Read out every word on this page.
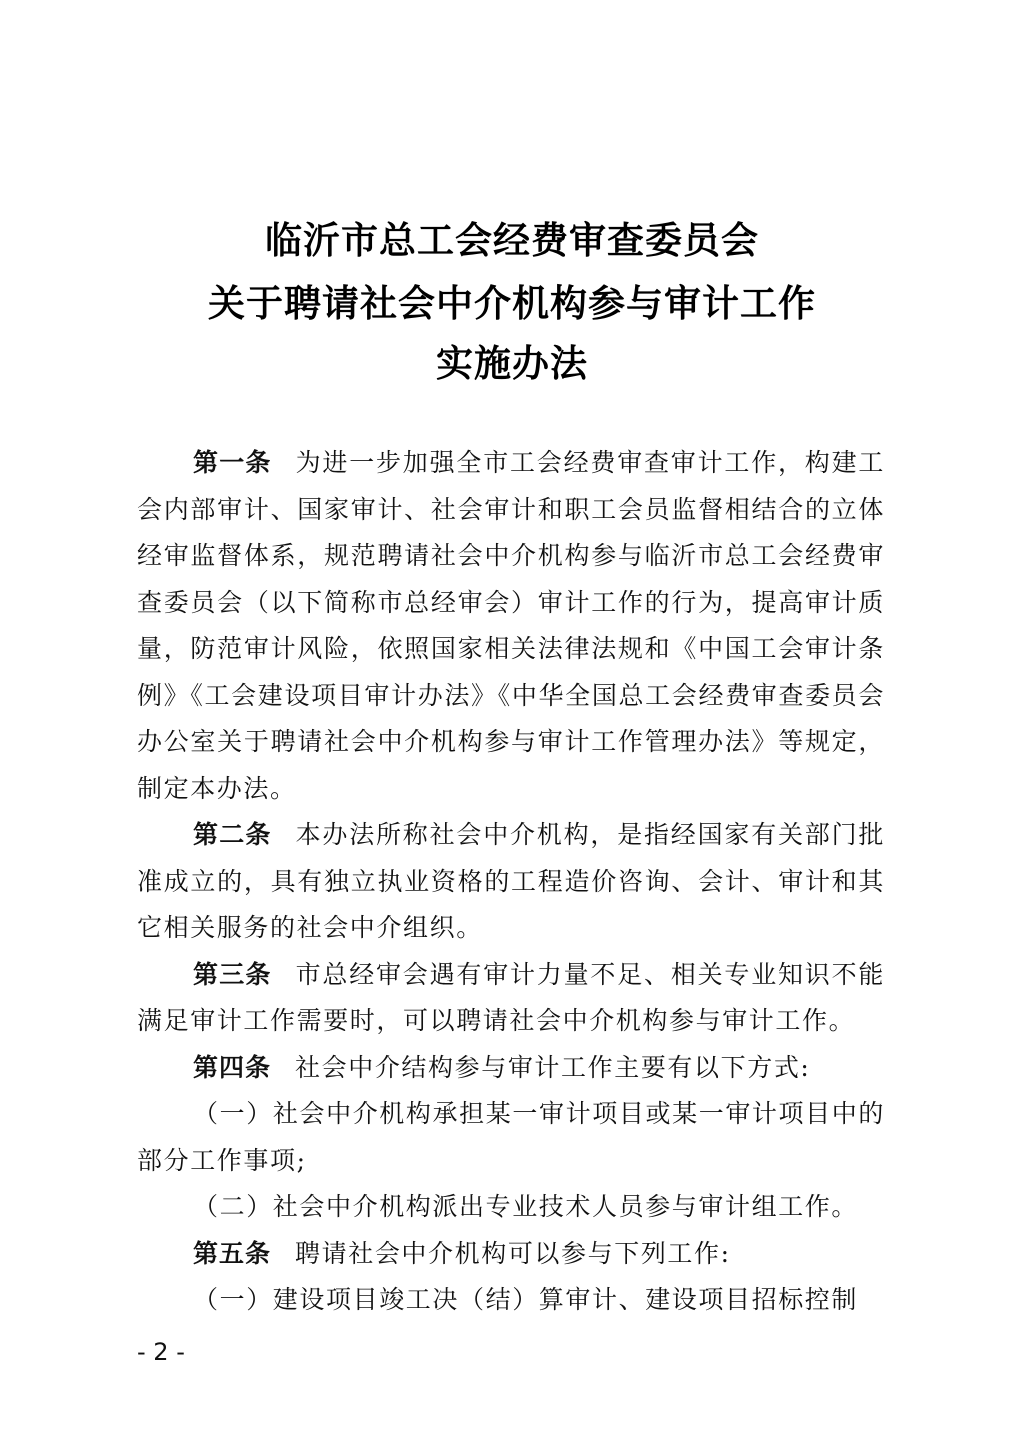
临沂市总工会经费审查委员会
关于聘请社会中介机构参与审计工作
实施办法

第一条 为进一步加强全市工会经费审查审计工作，构建工会内部审计、国家审计、社会审计和职工会员监督相结合的立体经审监督体系，规范聘请社会中介机构参与临沂市总工会经费审查委员会（以下简称市总经审会）审计工作的行为，提高审计质量，防范审计风险，依照国家相关法律法规和《中国工会审计条例》《工会建设项目审计办法》《中华全国总工会经费审查委员会办公室关于聘请社会中介机构参与审计工作管理办法》等规定，制定本办法。

第二条 本办法所称社会中介机构，是指经国家有关部门批准成立的，具有独立执业资格的工程造价咨询、会计、审计和其它相关服务的社会中介组织。

第三条 市总经审会遇有审计力量不足、相关专业知识不能满足审计工作需要时，可以聘请社会中介机构参与审计工作。

第四条 社会中介结构参与审计工作主要有以下方式:

（一）社会中介机构承担某一审计项目或某一审计项目中的部分工作事项;

（二）社会中介机构派出专业技术人员参与审计组工作。

第五条 聘请社会中介机构可以参与下列工作:

（一）建设项目竣工决（结）算审计、建设项目招标控制

- 2 -
